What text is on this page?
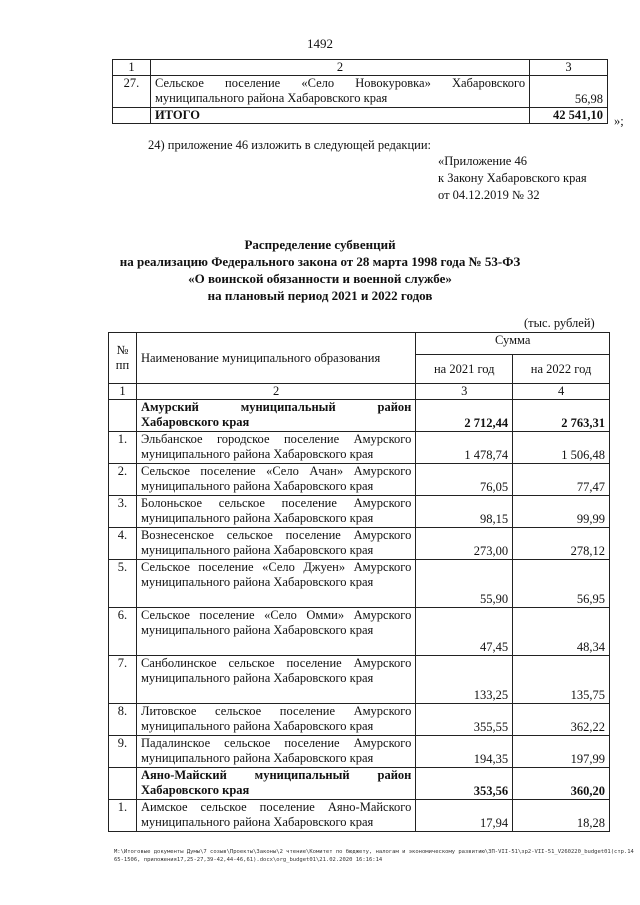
1492
1	2	3
27.	Сельское поселение «Село Новокуровка» Хабаровского муниципального района Хабаровского края	56,98
	ИТОГО	42 541,10 »;
24) приложение 46 изложить в следующей редакции:
«Приложение 46
к Закону Хабаровского края
от 04.12.2019 № 32
Распределение субвенций
на реализацию Федерального закона от 28 марта 1998 года № 53-ФЗ
«О воинской обязанности и военной службе»
на плановый период 2021 и 2022 годов
(тыс. рублей)
№ пп	Наименование муниципального образования	Сумма	
		на 2021 год	на 2022 год
1	2	3	4
	Амурский муниципальный район Хабаровского края	2 712,44	2 763,31
1.	Эльбанское городское поселение Амурского муниципального района Хабаровского края	1 478,74	1 506,48
2.	Сельское поселение «Село Ачан» Амурского муниципального района Хабаровского края	76,05	77,47
3.	Болоньское сельское поселение Амурского муниципального района Хабаровского края	98,15	99,99
4.	Вознесенское сельское поселение Амурского муниципального района Хабаровского края	273,00	278,12
5.	Сельское поселение «Село Джуен» Амурского муниципального района Хабаровского края	55,90	56,95
6.	Сельское поселение «Село Омми» Амурского муниципального района Хабаровского края	47,45	48,34
7.	Санболинское сельское поселение Амурского муниципального района Хабаровского края	133,25	135,75
8.	Литовское сельское поселение Амурского муниципального района Хабаровского края	355,55	362,22
9.	Падалинское сельское поселение Амурского муниципального района Хабаровского края	194,35	197,99
	Аяно-Майский муниципальный район Хабаровского края	353,56	360,20
1.	Аимское сельское поселение Аяно-Майского муниципального района Хабаровского края	17,94	18,28
M:\Итоговые документы Думы\7 созыв\Проекты\Законы\2 чтение\Комитет по бюджету, налогам и экономическому развитию\ЗП-VII-51\зр2-VII-51_V260220_budget01(стр.1465-1506, приложения17,25-27,39-42,44-46,61).docx\org_budget01\21.02.2020 16:16:14
